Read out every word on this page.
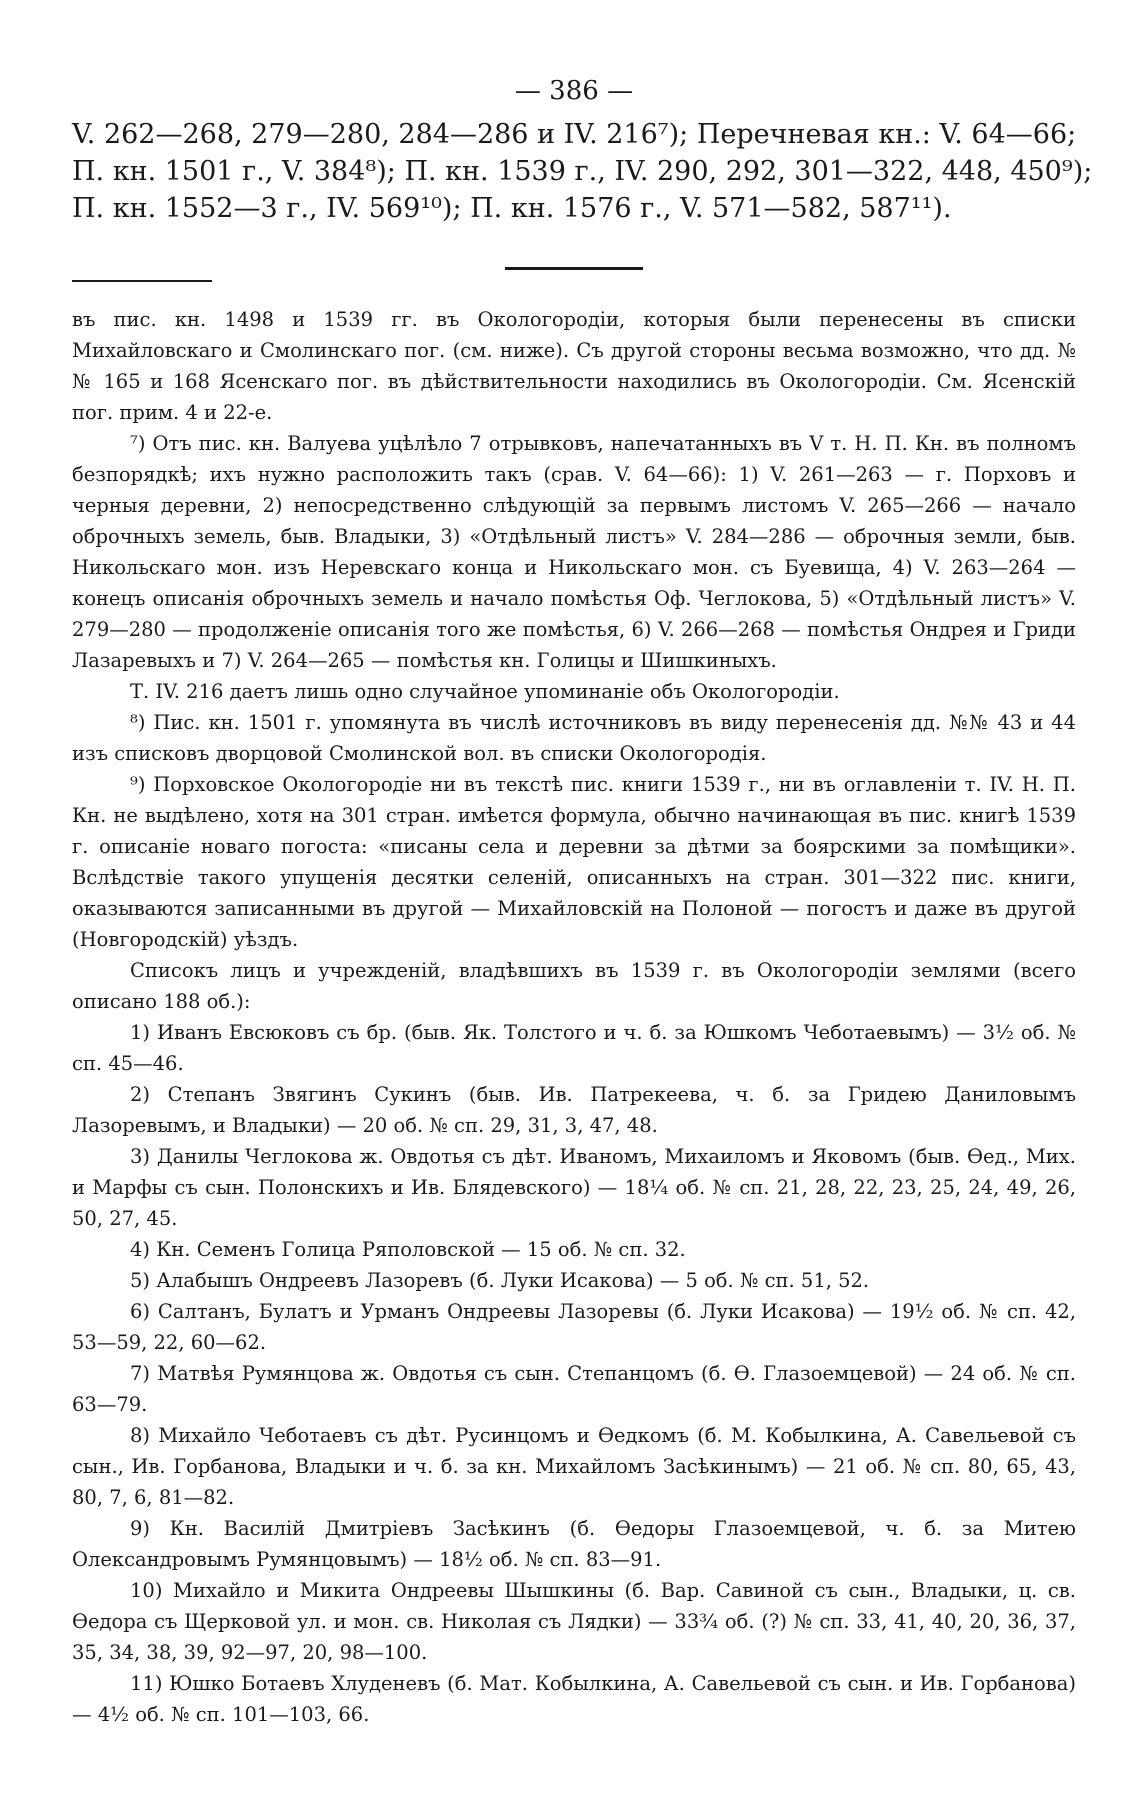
— 386 —

V. 262—268, 279—280, 284—286 и IV. 216⁷); Перечневая кн.: V. 64—66;
П. кн. 1501 г., V. 384⁸); П. кн. 1539 г., IV. 290, 292, 301—322, 448, 450⁹);
П. кн. 1552—3 г., IV. 569¹⁰); П. кн. 1576 г., V. 571—582, 587¹¹).

въ пис. кн. 1498 и 1539 гг. въ Окологородіи, которыя были перенесены въ списки Михайловскаго и Смолинскаго пог. (см. ниже). Съ другой стороны весьма возможно, что дд. №№ 165 и 168 Ясенскаго пог. въ дѣйствительности находились въ Окологородіи. См. Ясенскій пог. прим. 4 и 22-е.

⁷) Отъ пис. кн. Валуева уцѣлѣло 7 отрывковъ, напечатанныхъ въ V т. Н. П. Кн. въ полномъ безпорядкѣ; ихъ нужно расположить такъ (срав. V. 64—66): 1) V. 261—263 — г. Порховъ и черныя деревни, 2) непосредственно слѣдующій за первымъ листомъ V. 265—266 — начало оброчныхъ земель, быв. Владыки, 3) «Отдѣльный листъ» V. 284—286 — оброчныя земли, быв. Никольскаго мон. изъ Неревскаго конца и Никольскаго мон. съ Буевища, 4) V. 263—264 — конецъ описанія оброчныхъ земель и начало помѣстья Оф. Чеглокова, 5) «Отдѣльный листъ» V. 279—280 — продолженіе описанія того же помѣстья, 6) V. 266—268 — помѣстья Ондрея и Гриди Лазаревыхъ и 7) V. 264—265 — помѣстья кн. Голицы и Шишкиныхъ.

Т. IV. 216 даетъ лишь одно случайное упоминаніе объ Окологородіи.

⁸) Пис. кн. 1501 г. упомянута въ числѣ источниковъ въ виду перенесенія дд. №№ 43 и 44 изъ списковъ дворцовой Смолинской вол. въ списки Окологородія.

⁹) Порховское Окологородіе ни въ текстѣ пис. книги 1539 г., ни въ оглавленіи т. IV. Н. П. Кн. не выдѣлено, хотя на 301 стран. имѣется формула, обычно начинающая въ пис. книгѣ 1539 г. описаніе новаго погоста: «писаны села и деревни за дѣтми за боярскими за помѣщики». Вслѣдствіе такого упущенія десятки селеній, описанныхъ на стран. 301—322 пис. книги, оказываются записанными въ другой — Михайловскій на Полоной — погостъ и даже въ другой (Новгородскій) уѣздъ.

Списокъ лицъ и учрежденій, владѣвшихъ въ 1539 г. въ Окологородіи землями (всего описано 188 об.):

1) Иванъ Евсюковъ съ бр. (быв. Як. Толстого и ч. б. за Юшкомъ Чеботаевымъ) — 3½ об. № сп. 45—46.

2) Степанъ Звягинъ Сукинъ (быв. Ив. Патрекеева, ч. б. за Гридею Даниловымъ Лазоревымъ, и Владыки) — 20 об. № сп. 29, 31, 3, 47, 48.

3) Данилы Чеглокова ж. Овдотья съ дѣт. Иваномъ, Михаиломъ и Яковомъ (быв. Ѳед., Мих. и Марфы съ сын. Полонскихъ и Ив. Блядевского) — 18¼ об. № сп. 21, 28, 22, 23, 25, 24, 49, 26, 50, 27, 45.

4) Кн. Семенъ Голица Ряполовской — 15 об. № сп. 32.

5) Алабышъ Ондреевъ Лазоревъ (б. Луки Исакова) — 5 об. № сп. 51, 52.

6) Салтанъ, Булатъ и Урманъ Ондреевы Лазоревы (б. Луки Исакова) — 19½ об. № сп. 42, 53—59, 22, 60—62.

7) Матвѣя Румянцова ж. Овдотья съ сын. Степанцомъ (б. Ѳ. Глазоемцевой) — 24 об. № сп. 63—79.

8) Михайло Чеботаевъ съ дѣт. Русинцомъ и Ѳедкомъ (б. М. Кобылкина, А. Савельевой съ сын., Ив. Горбанова, Владыки и ч. б. за кн. Михайломъ Засѣкинымъ) — 21 об. № сп. 80, 65, 43, 80, 7, 6, 81—82.

9) Кн. Василій Дмитріевъ Засѣкинъ (б. Ѳедоры Глазоемцевой, ч. б. за Митею Олександровымъ Румянцовымъ) — 18½ об. № сп. 83—91.

10) Михайло и Микита Ондреевы Шышкины (б. Вар. Савиной съ сын., Владыки, ц. св. Ѳедора съ Щерковой ул. и мон. св. Николая съ Лядки) — 33¾ об. (?) № сп. 33, 41, 40, 20, 36, 37, 35, 34, 38, 39, 92—97, 20, 98—100.

11) Юшко Ботаевъ Хлуденевъ (б. Мат. Кобылкина, А. Савельевой съ сын. и Ив. Горбанова) — 4½ об. № сп. 101—103, 66.
